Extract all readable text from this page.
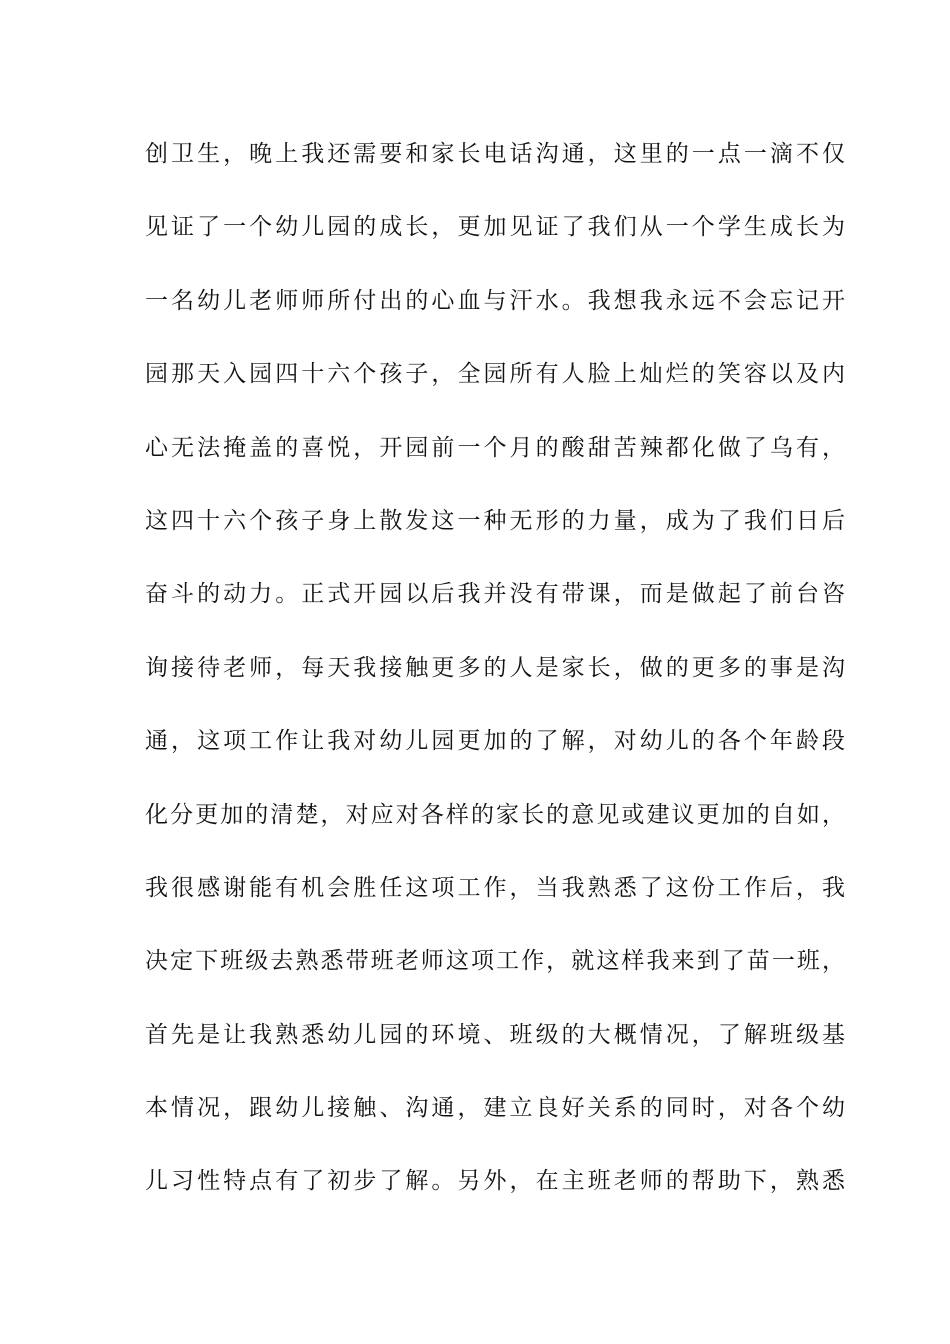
创卫生，晚上我还需要和家长电话沟通，这里的一点一滴不仅
见证了一个幼儿园的成长，更加见证了我们从一个学生成长为
一名幼儿老师师所付出的心血与汗水。我想我永远不会忘记开
园那天入园四十六个孩子，全园所有人脸上灿烂的笑容以及内
心无法掩盖的喜悦，开园前一个月的酸甜苦辣都化做了乌有，
这四十六个孩子身上散发这一种无形的力量，成为了我们日后
奋斗的动力。正式开园以后我并没有带课，而是做起了前台咨
询接待老师，每天我接触更多的人是家长，做的更多的事是沟
通，这项工作让我对幼儿园更加的了解，对幼儿的各个年龄段
化分更加的清楚，对应对各样的家长的意见或建议更加的自如，
我很感谢能有机会胜任这项工作，当我熟悉了这份工作后，我
决定下班级去熟悉带班老师这项工作，就这样我来到了苗一班，
首先是让我熟悉幼儿园的环境、班级的大概情况，了解班级基
本情况，跟幼儿接触、沟通，建立良好关系的同时，对各个幼
儿习性特点有了初步了解。另外，在主班老师的帮助下，熟悉
